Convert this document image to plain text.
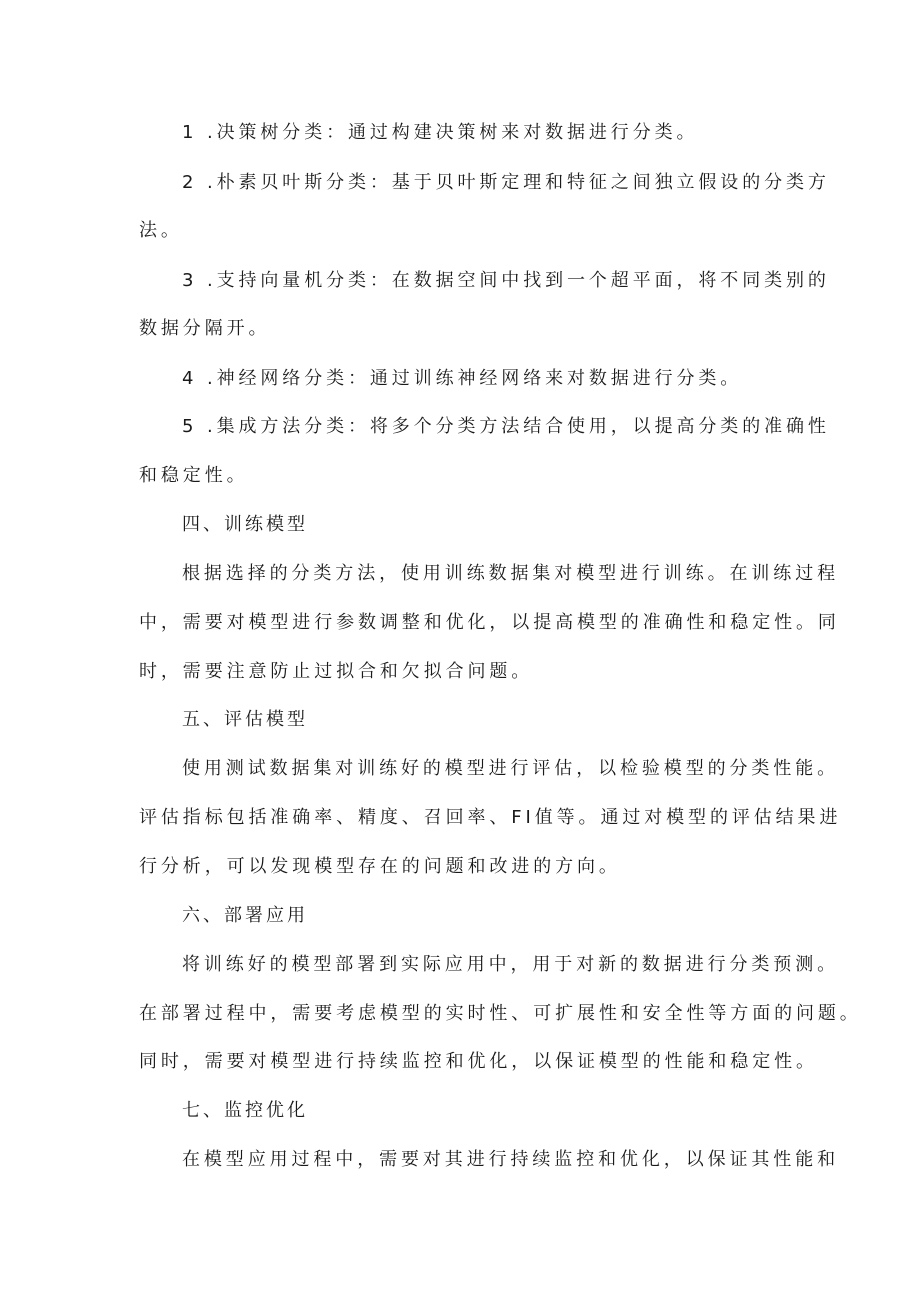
1 .决策树分类：通过构建决策树来对数据进行分类。
2 .朴素贝叶斯分类：基于贝叶斯定理和特征之间独立假设的分类方
法。
3 .支持向量机分类：在数据空间中找到一个超平面，将不同类别的
数据分隔开。
4 .神经网络分类：通过训练神经网络来对数据进行分类。
5 .集成方法分类：将多个分类方法结合使用，以提高分类的准确性
和稳定性。
四、训练模型
根据选择的分类方法，使用训练数据集对模型进行训练。在训练过程
中，需要对模型进行参数调整和优化，以提高模型的准确性和稳定性。同
时，需要注意防止过拟合和欠拟合问题。
五、评估模型
使用测试数据集对训练好的模型进行评估，以检验模型的分类性能。
评估指标包括准确率、精度、召回率、FI值等。通过对模型的评估结果进
行分析，可以发现模型存在的问题和改进的方向。
六、部署应用
将训练好的模型部署到实际应用中，用于对新的数据进行分类预测。
在部署过程中，需要考虑模型的实时性、可扩展性和安全性等方面的问题。
同时，需要对模型进行持续监控和优化，以保证模型的性能和稳定性。
七、监控优化
在模型应用过程中，需要对其进行持续监控和优化，以保证其性能和
